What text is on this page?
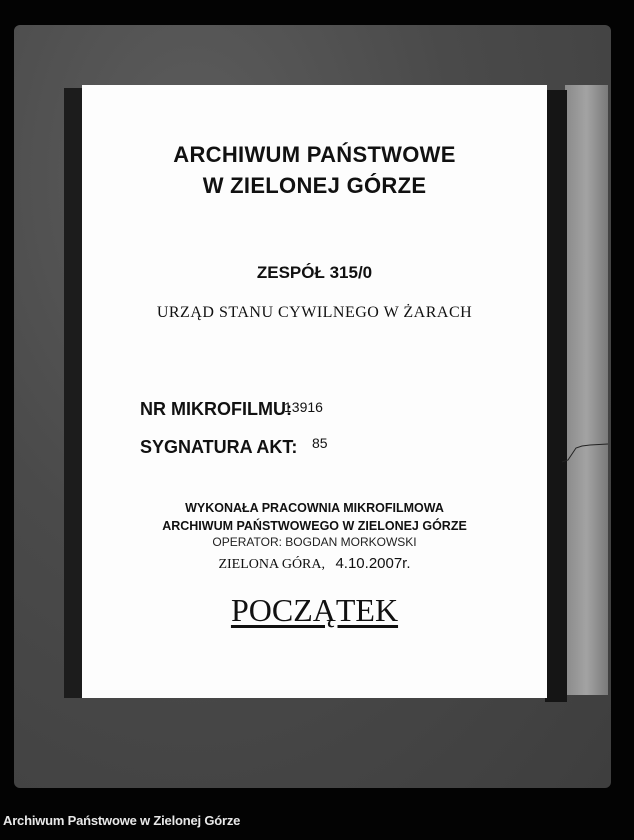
ARCHIWUM PAŃSTWOWE
W ZIELONEJ GÓRZE
ZESPÓŁ 315/0
URZĄD STANU CYWILNEGO W ŻARACH
NR MIKROFILMU:
13916
SYGNATURA AKT: 85
WYKONAŁA PRACOWNIA MIKROFILMOWA
ARCHIWUM PAŃSTWOWEGO W ZIELONEJ GÓRZE
OPERATOR: BOGDAN MORKOWSKI
ZIELONA GÓRA, 4.10.2007r.
POCZĄTEK
Archiwum Państwowe w Zielonej Górze
